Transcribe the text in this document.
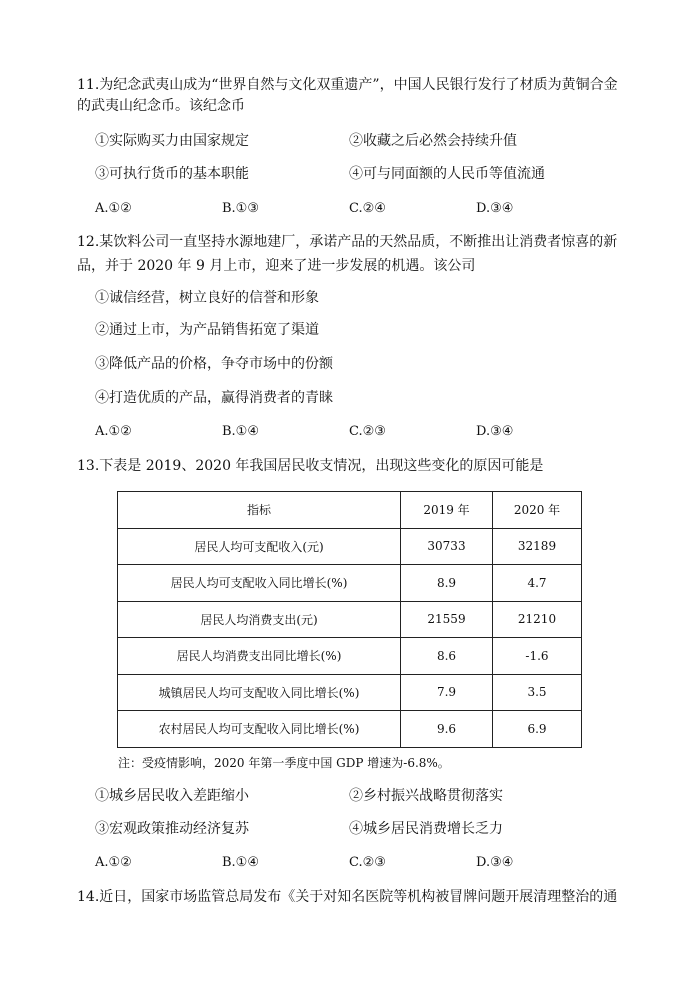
11.为纪念武夷山成为“世界自然与文化双重遗产”，中国人民银行发行了材质为黄铜合金
的武夷山纪念币。该纪念币
①实际购买力由国家规定	②收藏之后必然会持续升值
③可执行货币的基本职能	④可与同面额的人民币等值流通
A.①②	B.①③	C.②④	D.③④
12.某饮料公司一直坚持水源地建厂，承诺产品的天然品质，不断推出让消费者惊喜的新
品，并于 2020 年 9 月上市，迎来了进一步发展的机遇。该公司
①诚信经营，树立良好的信誉和形象
②通过上市，为产品销售拓宽了渠道
③降低产品的价格，争夺市场中的份额
④打造优质的产品，赢得消费者的青睐
A.①②	B.①④	C.②③	D.③④
13.下表是 2019、2020 年我国居民收支情况，出现这些变化的原因可能是
指标	2019 年	2020 年
居民人均可支配收入(元)	30733	32189
居民人均可支配收入同比增长(%)	8.9	4.7
居民人均消费支出(元)	21559	21210
居民人均消费支出同比增长(%)	8.6	-1.6
城镇居民人均可支配收入同比增长(%)	7.9	3.5
农村居民人均可支配收入同比增长(%)	9.6	6.9
注：受疫情影响，2020 年第一季度中国 GDP 增速为-6.8%。
①城乡居民收入差距缩小	②乡村振兴战略贯彻落实
③宏观政策推动经济复苏	④城乡居民消费增长乏力
A.①②	B.①④	C.②③	D.③④
14.近日，国家市场监管总局发布《关于对知名医院等机构被冒牌问题开展清理整治的通
